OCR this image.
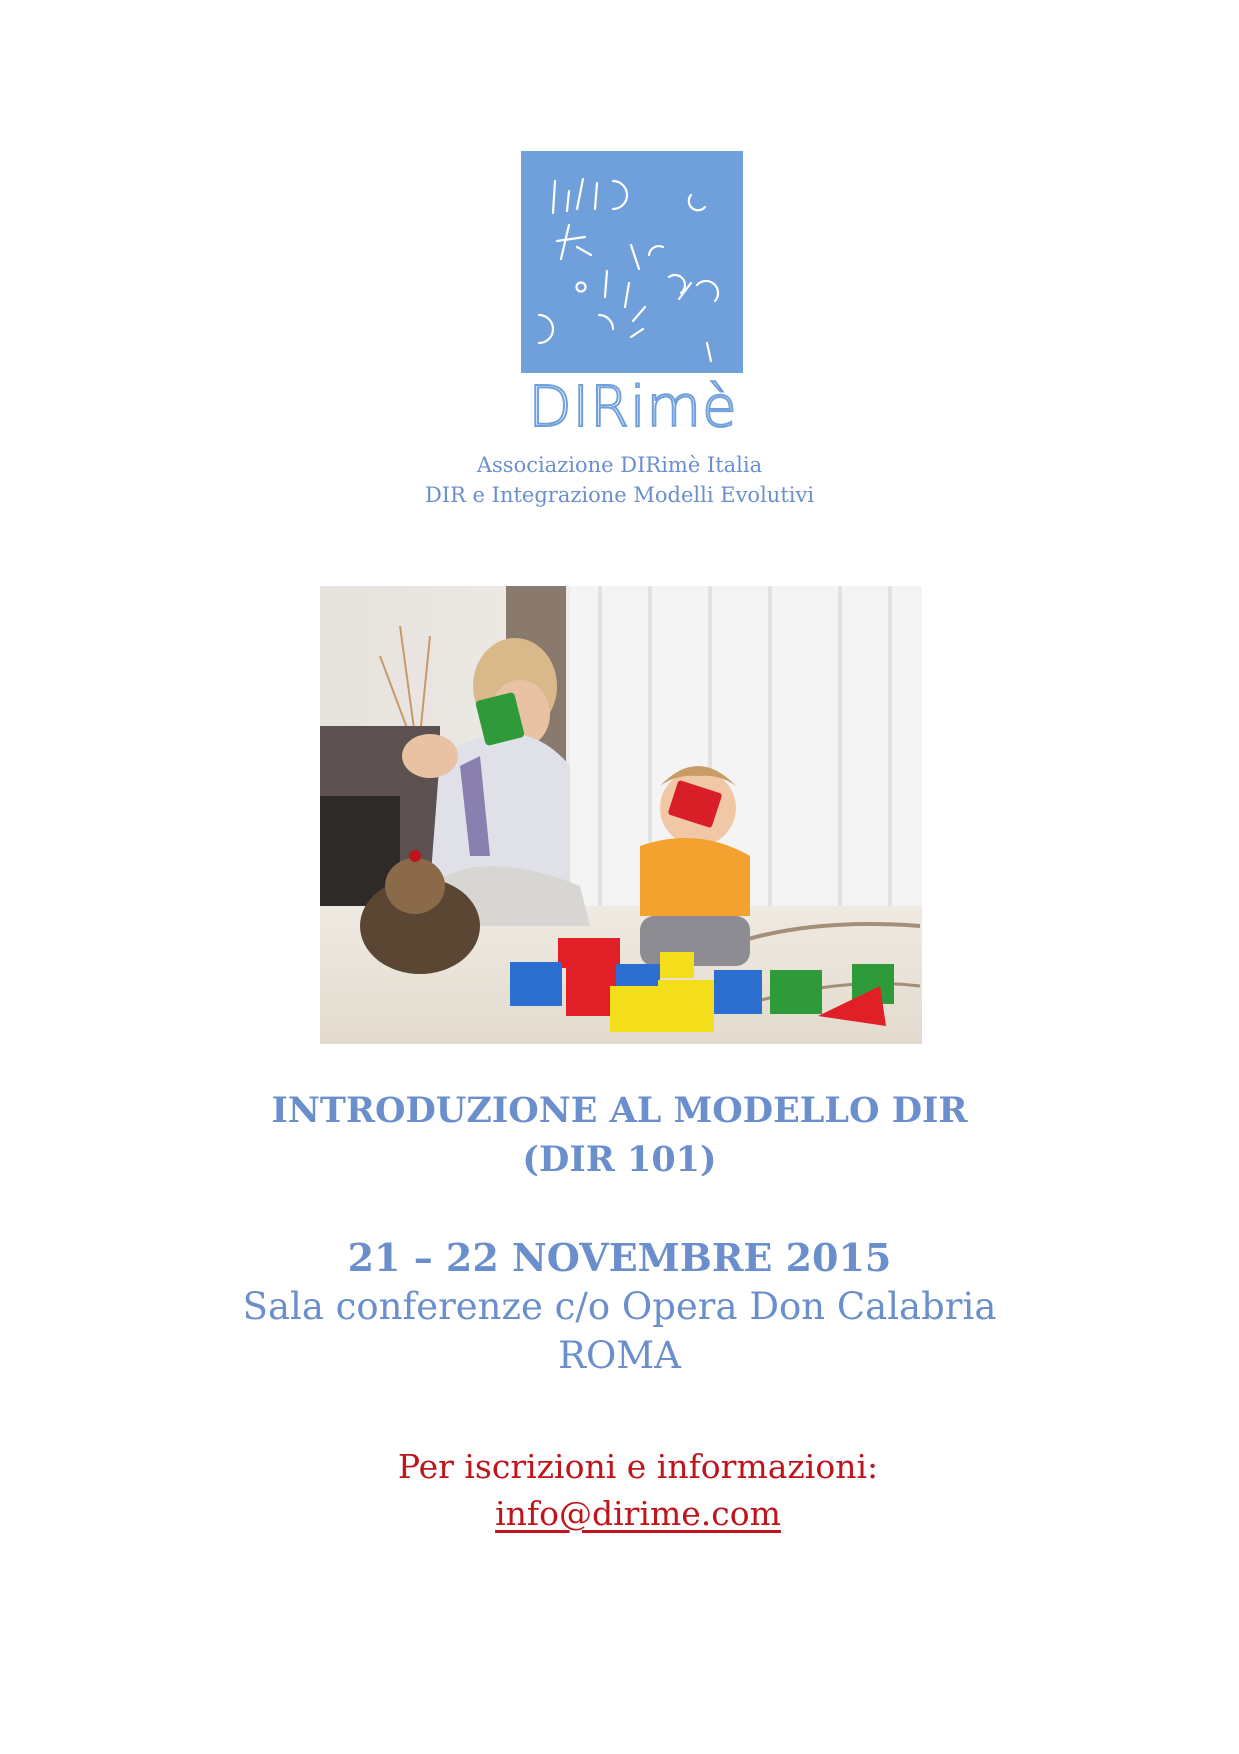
DIRimè
Associazione DIRimè Italia
DIR e Integrazione Modelli Evolutivi
INTRODUZIONE AL MODELLO DIR
(DIR 101)
21 – 22 NOVEMBRE 2015
Sala conferenze c/o Opera Don Calabria
ROMA
Per iscrizioni e informazioni:
info@dirime.com
